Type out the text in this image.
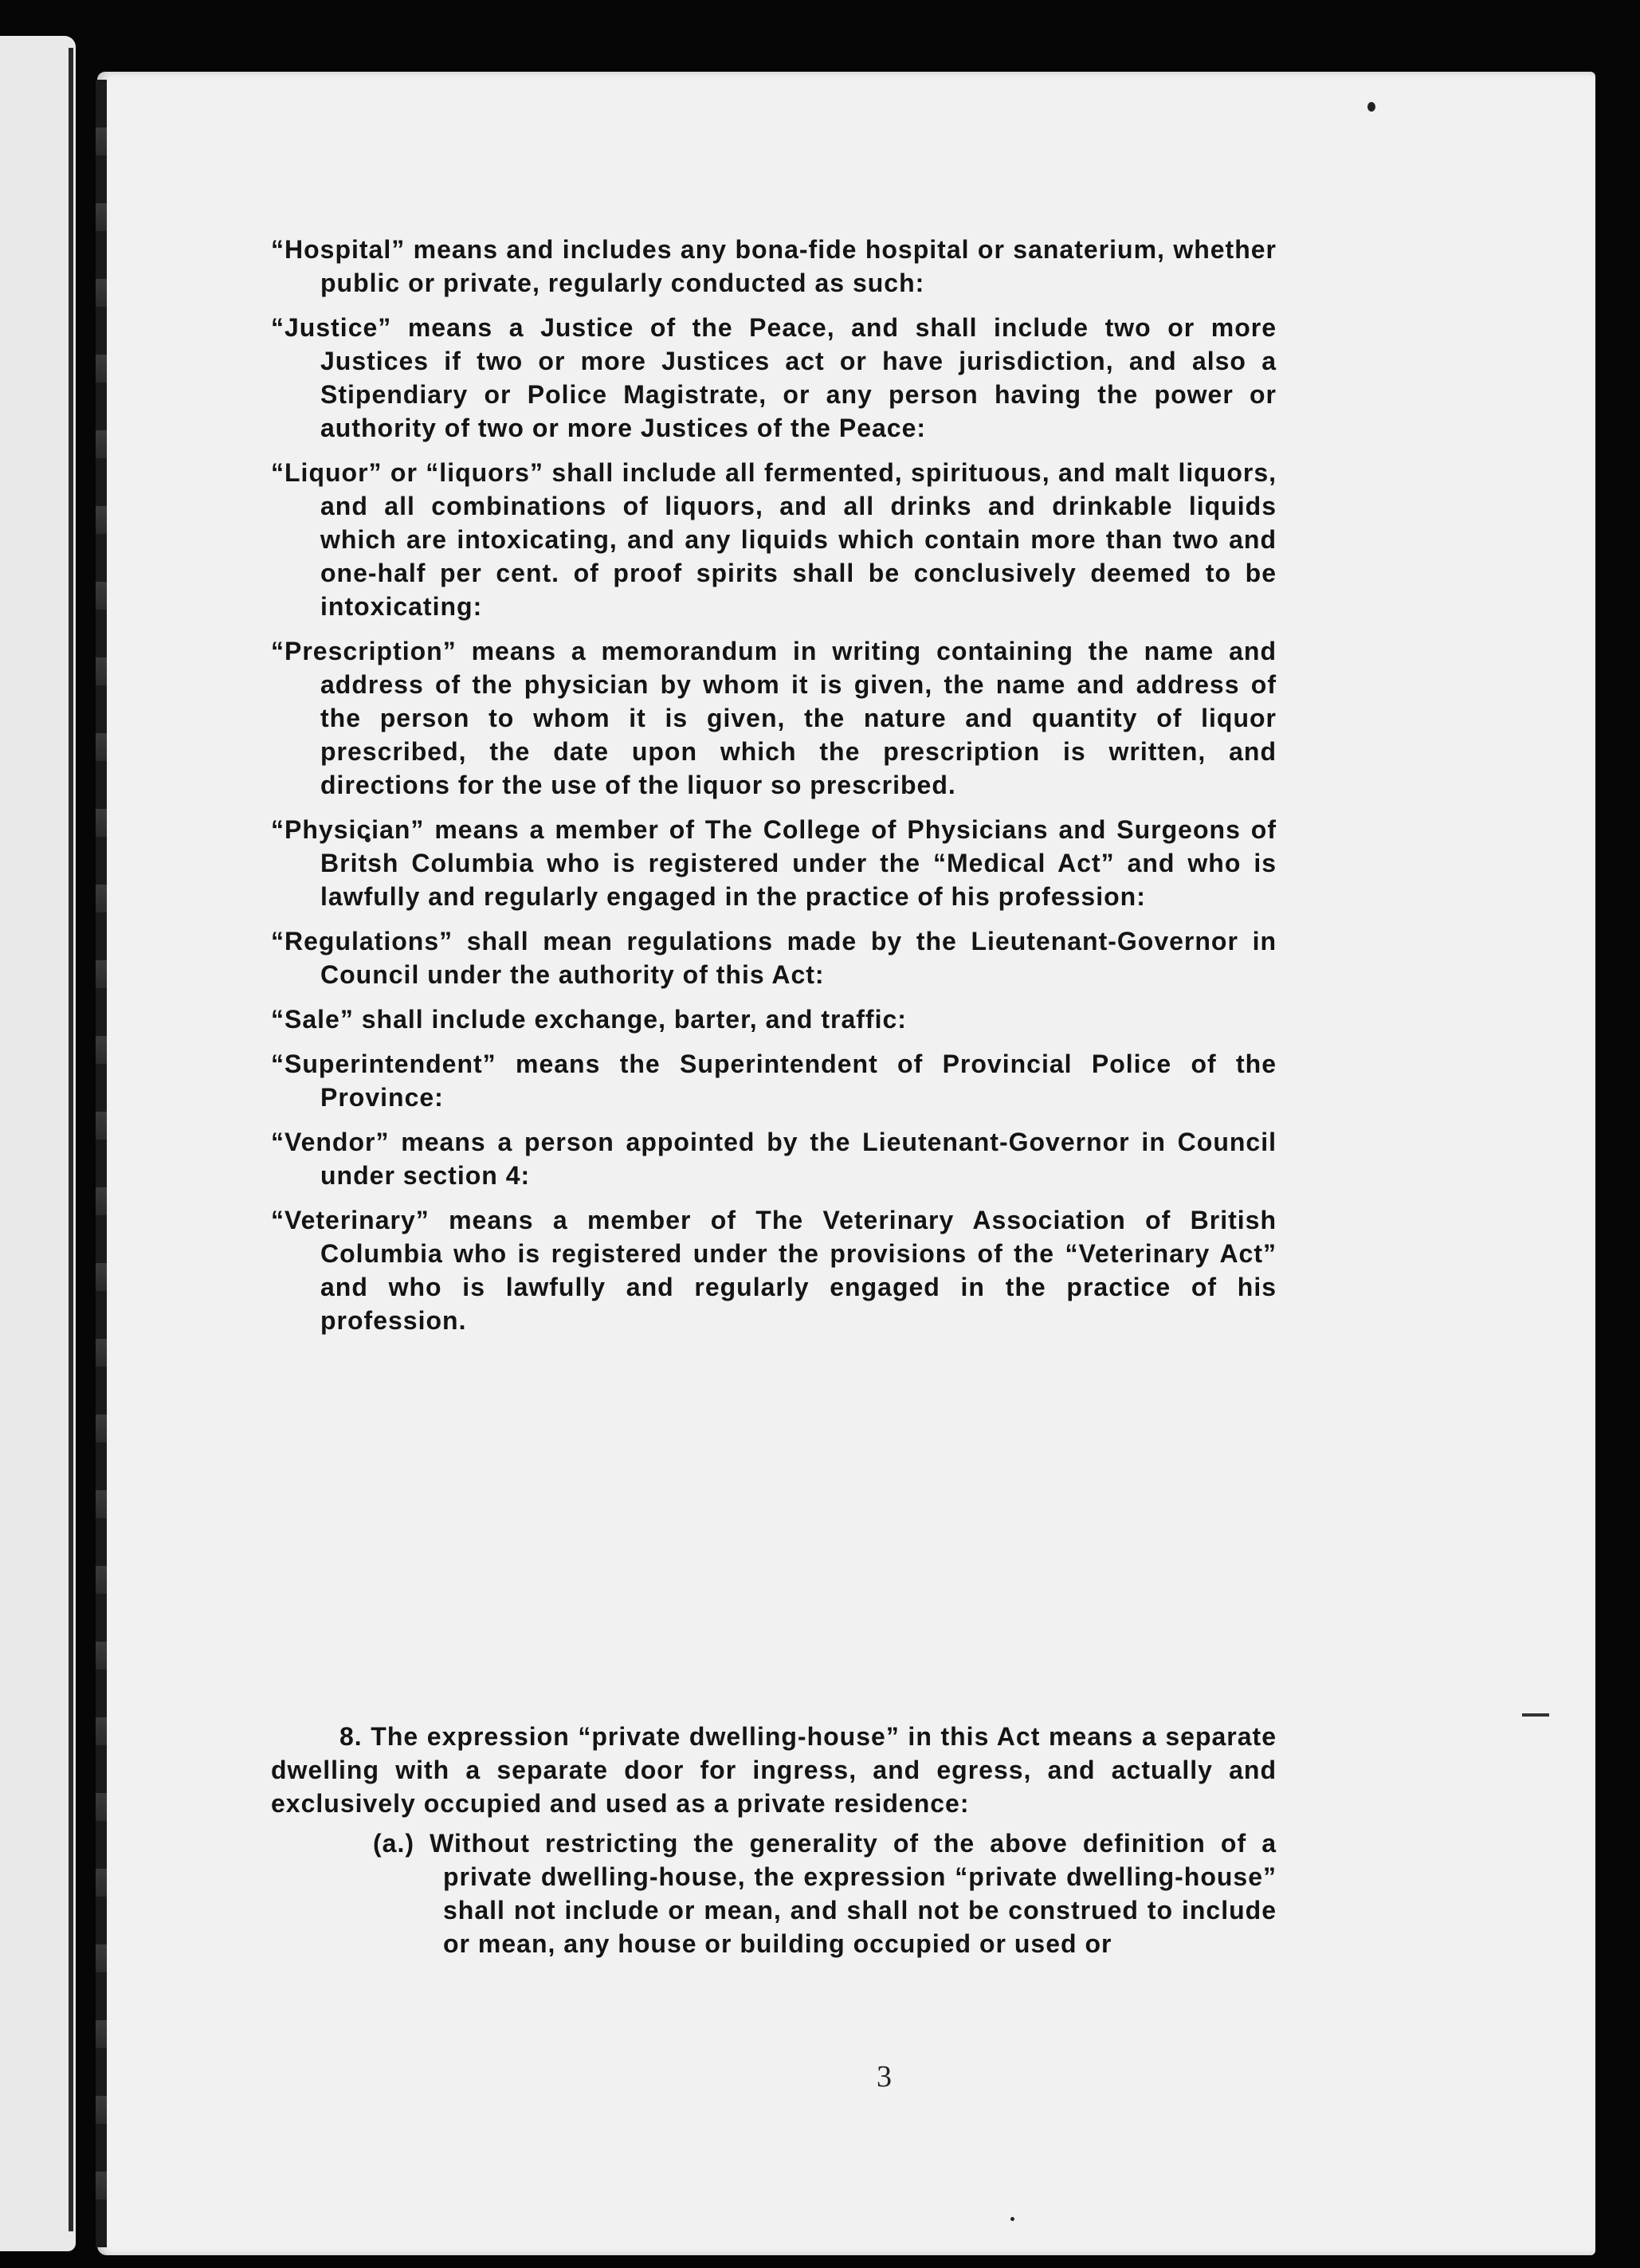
“Hospital” means and includes any bona-fide hospital or sanaterium, whether public or private, regularly conducted as such:

“Justice” means a Justice of the Peace, and shall include two or more Justices if two or more Justices act or have jurisdiction, and also a Stipendiary or Police Magistrate, or any person having the power or authority of two or more Justices of the Peace:

“Liquor” or “liquors” shall include all fermented, spirituous, and malt liquors, and all combinations of liquors, and all drinks and drinkable liquids which are intoxicating, and any liquids which contain more than two and one-half per cent. of proof spirits shall be conclusively deemed to be intoxicating:

“Prescription” means a memorandum in writing containing the name and address of the physician by whom it is given, the name and address of the person to whom it is given, the nature and quantity of liquor prescribed, the date upon which the prescription is written, and directions for the use of the liquor so prescribed.

“Physician” means a member of The College of Physicians and Surgeons of Britsh Columbia who is registered under the “Medical Act” and who is lawfully and regularly engaged in the practice of his profession:

“Regulations” shall mean regulations made by the Lieutenant-Governor in Council under the authority of this Act:

“Sale” shall include exchange, barter, and traffic:

“Superintendent” means the Superintendent of Provincial Police of the Province:

“Vendor” means a person appointed by the Lieutenant-Governor in Council under section 4:

“Veterinary” means a member of The Veterinary Association of British Columbia who is registered under the provisions of the “Veterinary Act” and who is lawfully and regularly engaged in the practice of his profession.

8. The expression “private dwelling-house” in this Act means a separate dwelling with a separate door for ingress, and egress, and actually and exclusively occupied and used as a private residence:

(a.) Without restricting the generality of the above definition of a private dwelling-house, the expression “private dwelling-house” shall not include or mean, and shall not be construed to include or mean, any house or building occupied or used or

3
